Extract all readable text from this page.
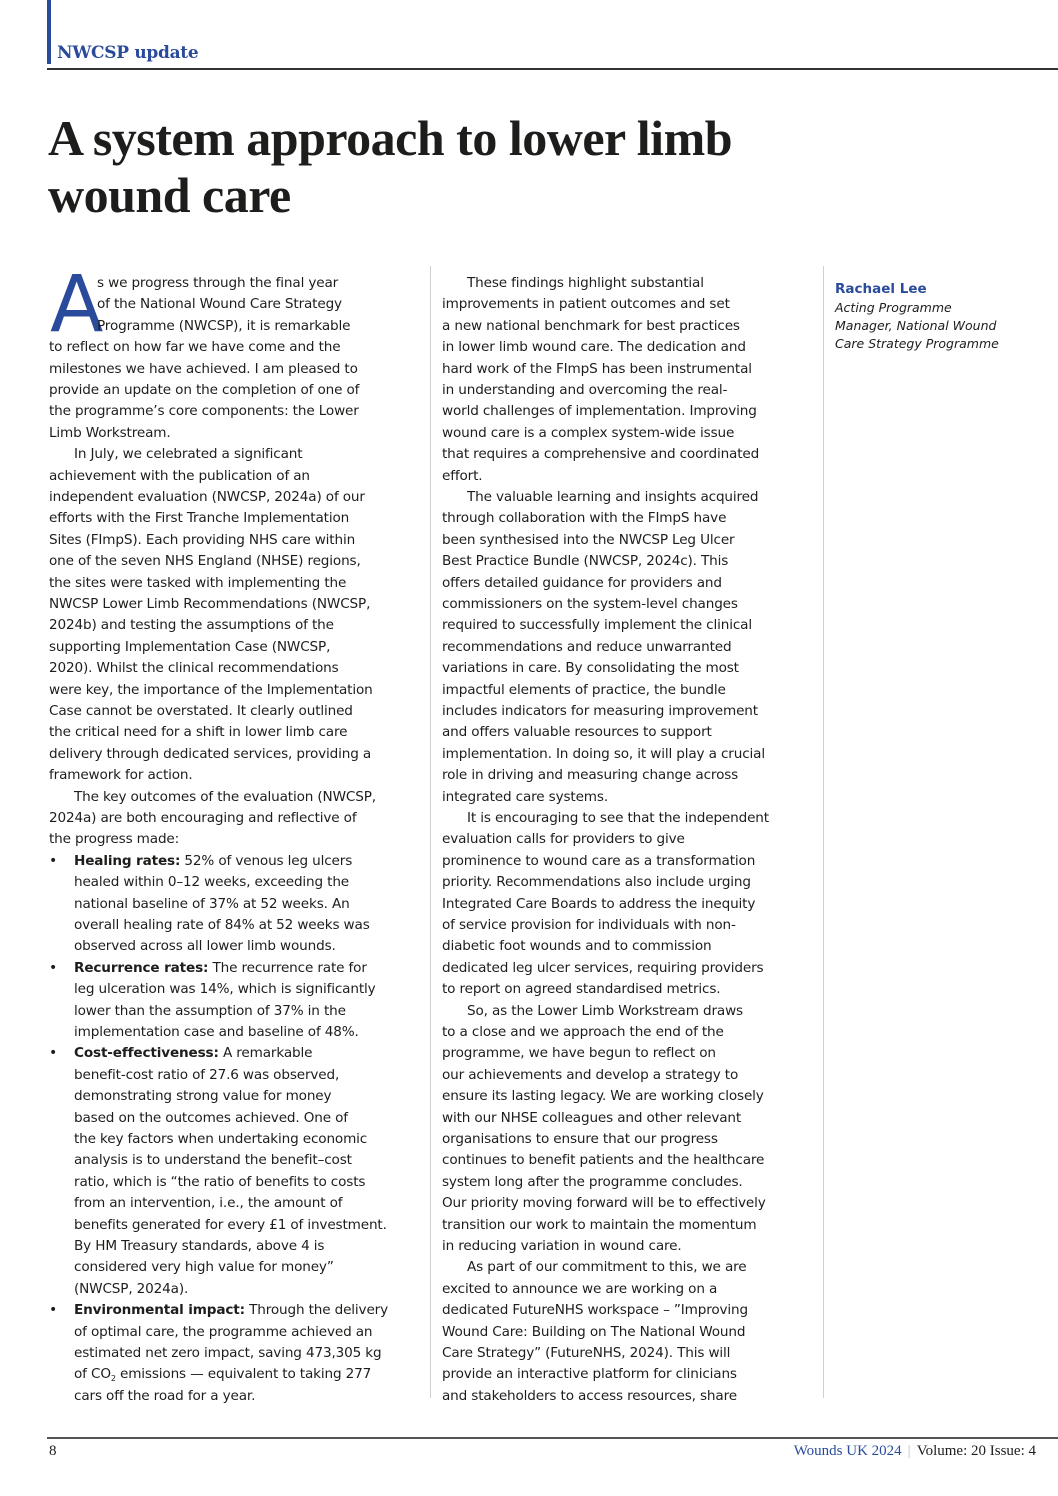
NWCSP update
A system approach to lower limb
wound care
A
s we progress through the final year
of the National Wound Care Strategy
Programme (NWCSP), it is remarkable
to reflect on how far we have come and the
milestones we have achieved. I am pleased to
provide an update on the completion of one of
the programme’s core components: the Lower
Limb Workstream.
In July, we celebrated a significant
achievement with the publication of an
independent evaluation (NWCSP, 2024a) of our
efforts with the First Tranche Implementation
Sites (FImpS). Each providing NHS care within
one of the seven NHS England (NHSE) regions,
the sites were tasked with implementing the
NWCSP Lower Limb Recommendations (NWCSP,
2024b) and testing the assumptions of the
supporting Implementation Case (NWCSP,
2020). Whilst the clinical recommendations
were key, the importance of the Implementation
Case cannot be overstated. It clearly outlined
the critical need for a shift in lower limb care
delivery through dedicated services, providing a
framework for action.
The key outcomes of the evaluation (NWCSP,
2024a) are both encouraging and reflective of
the progress made:
• Healing rates: 52% of venous leg ulcers
healed within 0–12 weeks, exceeding the
national baseline of 37% at 52 weeks. An
overall healing rate of 84% at 52 weeks was
observed across all lower limb wounds.
• Recurrence rates: The recurrence rate for
leg ulceration was 14%, which is significantly
lower than the assumption of 37% in the
implementation case and baseline of 48%.
• Cost-effectiveness: A remarkable
benefit-cost ratio of 27.6 was observed,
demonstrating strong value for money
based on the outcomes achieved. One of
the key factors when undertaking economic
analysis is to understand the benefit–cost
ratio, which is “the ratio of benefits to costs
from an intervention, i.e., the amount of
benefits generated for every £1 of investment.
By HM Treasury standards, above 4 is
considered very high value for money”
(NWCSP, 2024a).
• Environmental impact: Through the delivery
of optimal care, the programme achieved an
estimated net zero impact, saving 473,305 kg
of $CO_2$ emissions — equivalent to taking 277
cars off the road for a year.
These findings highlight substantial
improvements in patient outcomes and set
a new national benchmark for best practices
in lower limb wound care. The dedication and
hard work of the FImpS has been instrumental
in understanding and overcoming the real-
world challenges of implementation. Improving
wound care is a complex system-wide issue
that requires a comprehensive and coordinated
effort.
The valuable learning and insights acquired
through collaboration with the FImpS have
been synthesised into the NWCSP Leg Ulcer
Best Practice Bundle (NWCSP, 2024c). This
offers detailed guidance for providers and
commissioners on the system-level changes
required to successfully implement the clinical
recommendations and reduce unwarranted
variations in care. By consolidating the most
impactful elements of practice, the bundle
includes indicators for measuring improvement
and offers valuable resources to support
implementation. In doing so, it will play a crucial
role in driving and measuring change across
integrated care systems.
It is encouraging to see that the independent
evaluation calls for providers to give
prominence to wound care as a transformation
priority. Recommendations also include urging
Integrated Care Boards to address the inequity
of service provision for individuals with non-
diabetic foot wounds and to commission
dedicated leg ulcer services, requiring providers
to report on agreed standardised metrics.
So, as the Lower Limb Workstream draws
to a close and we approach the end of the
programme, we have begun to reflect on
our achievements and develop a strategy to
ensure its lasting legacy. We are working closely
with our NHSE colleagues and other relevant
organisations to ensure that our progress
continues to benefit patients and the healthcare
system long after the programme concludes.
Our priority moving forward will be to effectively
transition our work to maintain the momentum
in reducing variation in wound care.
As part of our commitment to this, we are
excited to announce we are working on a
dedicated FutureNHS workspace – ”Improving
Wound Care: Building on The National Wound
Care Strategy” (FutureNHS, 2024). This will
provide an interactive platform for clinicians
and stakeholders to access resources, share
Rachael Lee
Acting Programme
Manager, National Wound
Care Strategy Programme
8	Wounds UK 2024 | Volume: 20 Issue: 4
